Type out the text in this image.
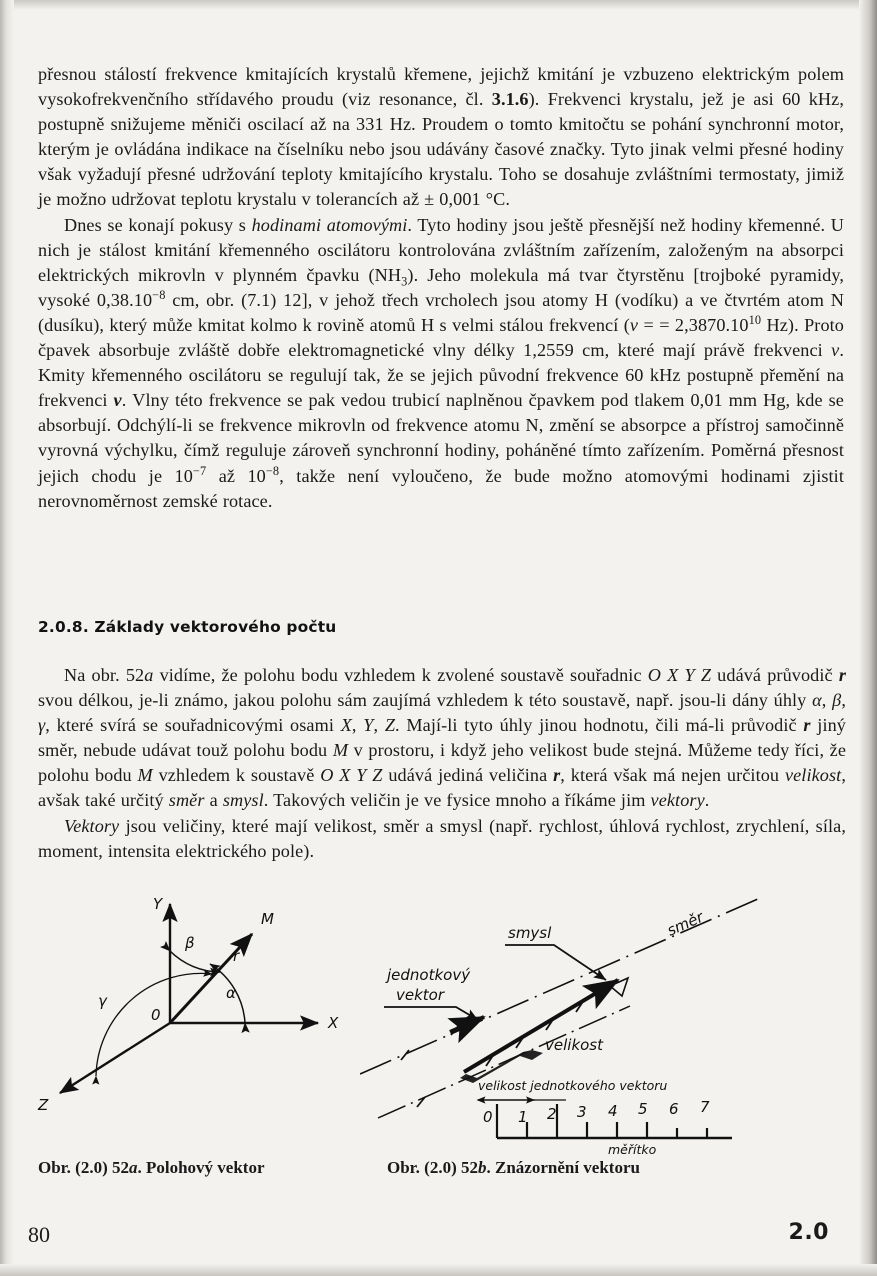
přesnou stálostí frekvence kmitajících krystalů křemene, jejichž kmitání je vzbuzeno elektrickým polem vysokofrekvenčního střídavého proudu (viz resonance, čl. 3.1.6). Frekvenci krystalu, jež je asi 60 kHz, postupně snižujeme měniči oscilací až na 331 Hz. Proudem o tomto kmitočtu se pohání synchronní motor, kterým je ovládána indikace na číselníku nebo jsou udávány časové značky. Tyto jinak velmi přesné hodiny však vyžadují přesné udržování teploty kmitajícího krystalu. Toho se dosahuje zvláštními termostaty, jimiž je možno udržovat teplotu krystalu v tolerancích až ± 0,001 °C.

Dnes se konají pokusy s hodinami atomovými. Tyto hodiny jsou ještě přesnější než hodiny křemenné. U nich je stálost kmitání křemenného oscilátoru kontrolována zvláštním zařízením, založeným na absorpci elektrických mikrovln v plynném čpavku $(NH_3)$. Jeho molekula má tvar čtyrstěnu [trojboké pyramidy, vysoké $0,38.10^{-8}$ cm, obr. (7.1) 12], v jehož třech vrcholech jsou atomy H (vodíku) a ve čtvrtém atom N (dusíku), který může kmitat kolmo k rovině atomů H s velmi stálou frekvencí (ν = = $2,3870.10^{10}$ Hz). Proto čpavek absorbuje zvláště dobře elektromagnetické vlny délky 1,2559 cm, které mají právě frekvenci ν. Kmity křemenného oscilátoru se regulují tak, že se jejich původní frekvence 60 kHz postupně přemění na frekvenci ν. Vlny této frekvence se pak vedou trubicí naplněnou čpavkem pod tlakem 0,01 mm Hg, kde se absorbují. Odchýlí-li se frekvence mikrovln od frekvence atomu N, změní se absorpce a přístroj samočinně vyrovná výchylku, čímž reguluje zároveň synchronní hodiny, poháněné tímto zařízením. Poměrná přesnost jejich chodu je $10^{-7}$ až $10^{-8}$, takže není vyloučeno, že bude možno atomovými hodinami zjistit nerovnoměrnost zemské rotace.

2.0.8. Základy vektorového počtu

Na obr. 52a vidíme, že polohu bodu vzhledem k zvolené soustavě souřadnic O X Y Z udává průvodič r svou délkou, je-li známo, jakou polohu sám zaujímá vzhledem k této soustavě, např. jsou-li dány úhly α, β, γ, které svírá se souřadnicovými osami X, Y, Z. Mají-li tyto úhly jinou hodnotu, čili má-li průvodič r jiný směr, nebude udávat touž polohu bodu M v prostoru, i když jeho velikost bude stejná. Můžeme tedy říci, že polohu bodu M vzhledem k soustavě O X Y Z udává jediná veličina r, která však má nejen určitou velikost, avšak také určitý směr a smysl. Takových veličin je ve fysice mnoho a říkáme jim vektory.

Vektory jsou veličiny, které mají velikost, směr a smysl (např. rychlost, úhlová rychlost, zrychlení, síla, moment, intensita elektrického pole).

Y
X
Z
0
M
r
α
β
γ
jednotkový
vektor
směr
velikost
smysl
velikost jednotkového vektoru
0 1 2 3 4 5 6 7
měřítko
Obr. (2.0) 52a. Polohový vektor	Obr. (2.0) 52b. Znázornění vektoru
80	2.0
